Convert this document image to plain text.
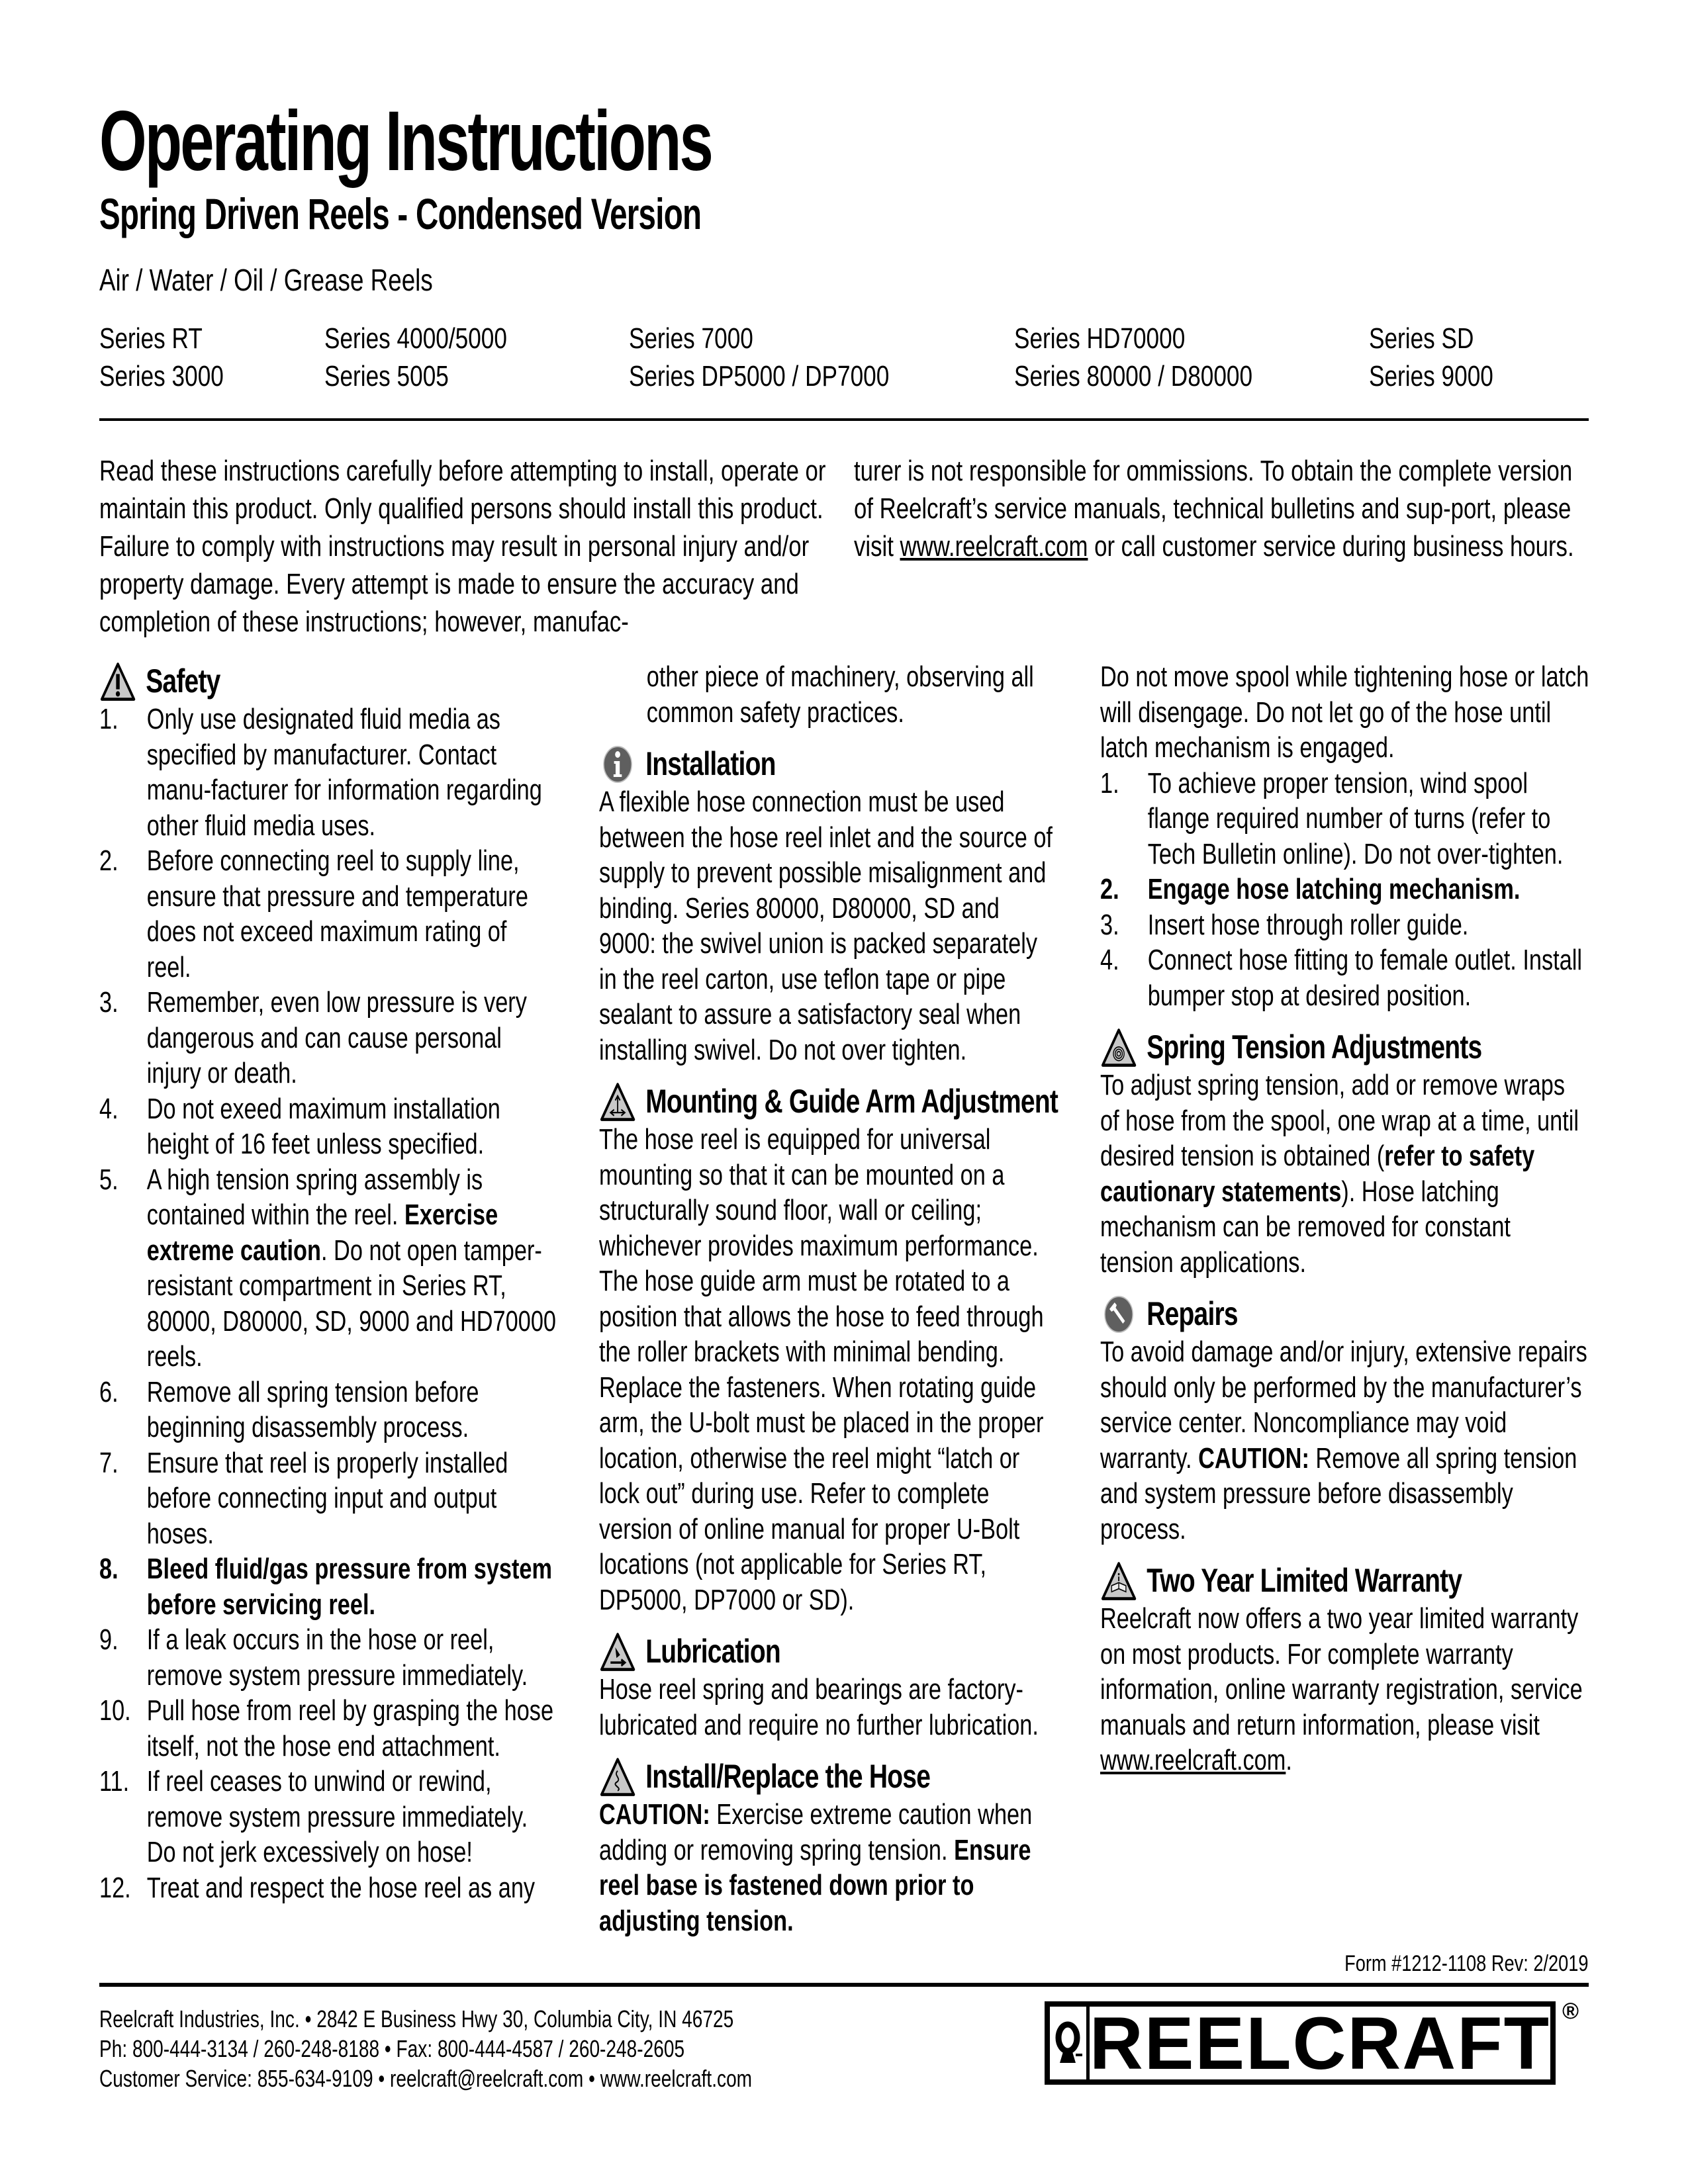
Operating Instructions
Spring Driven Reels - Condensed Version
Air / Water / Oil / Grease Reels
Series RT
Series 3000
Series 4000/5000
Series 5005
Series 7000
Series DP5000 / DP7000
Series HD70000
Series 80000 / D80000
Series SD
Series 9000
Read these instructions carefully before attempting to install, operate or maintain this product. Only qualified persons should install this product. Failure to comply with instructions may result in personal injury and/or property damage. Every attempt is made to ensure the accuracy and completion of these instructions; however, manufac-
turer is not responsible for ommissions. To obtain the complete version of Reelcraft’s service manuals, technical bulletins and sup-port, please visit www.reelcraft.com or call customer service during business hours.
Safety
1. Only use designated fluid media as specified by manufacturer. Contact manu-facturer for information regarding other fluid media uses.
2. Before connecting reel to supply line, ensure that pressure and temperature does not exceed maximum rating of reel.
3. Remember, even low pressure is very dangerous and can cause personal injury or death.
4. Do not exeed maximum installation height of 16 feet unless specified.
5. A high tension spring assembly is contained within the reel. Exercise extreme caution. Do not open tamper-resistant compartment in Series RT, 80000, D80000, SD, 9000 and HD70000 reels.
6. Remove all spring tension before beginning disassembly process.
7. Ensure that reel is properly installed before connecting input and output hoses.
8. Bleed fluid/gas pressure from system before servicing reel.
9. If a leak occurs in the hose or reel, remove system pressure immediately.
10. Pull hose from reel by grasping the hose itself, not the hose end attachment.
11. If reel ceases to unwind or rewind, remove system pressure immediately. Do not jerk excessively on hose!
12. Treat and respect the hose reel as any
other piece of machinery, observing all common safety practices.
Installation
A flexible hose connection must be used between the hose reel inlet and the source of supply to prevent possible misalignment and binding. Series 80000, D80000, SD and 9000: the swivel union is packed separately in the reel carton, use teflon tape or pipe sealant to assure a satisfactory seal when installing swivel. Do not over tighten.
Mounting & Guide Arm Adjustment
The hose reel is equipped for universal mounting so that it can be mounted on a structurally sound floor, wall or ceiling; whichever provides maximum performance. The hose guide arm must be rotated to a position that allows the hose to feed through the roller brackets with minimal bending. Replace the fasteners. When rotating guide arm, the U-bolt must be placed in the proper location, otherwise the reel might “latch or lock out” during use. Refer to complete version of online manual for proper U-Bolt locations (not applicable for Series RT, DP5000, DP7000 or SD).
Lubrication
Hose reel spring and bearings are factory-lubricated and require no further lubrication.
Install/Replace the Hose
CAUTION: Exercise extreme caution when adding or removing spring tension. Ensure reel base is fastened down prior to adjusting tension.
Do not move spool while tightening hose or latch will disengage. Do not let go of the hose until latch mechanism is engaged.
1. To achieve proper tension, wind spool flange required number of turns (refer to Tech Bulletin online). Do not over-tighten.
2. Engage hose latching mechanism.
3. Insert hose through roller guide.
4. Connect hose fitting to female outlet. Install bumper stop at desired position.
Spring Tension Adjustments
To adjust spring tension, add or remove wraps of hose from the spool, one wrap at a time, until desired tension is obtained (refer to safety cautionary statements). Hose latching mechanism can be removed for constant tension applications.
Repairs
To avoid damage and/or injury, extensive repairs should only be performed by the manufacturer’s service center. Noncompliance may void warranty. CAUTION: Remove all spring tension and system pressure before disassembly process.
Two Year Limited Warranty
Reelcraft now offers a two year limited warranty on most products. For complete warranty information, online warranty registration, service manuals and return information, please visit www.reelcraft.com.
Form #1212-1108 Rev: 2/2019
Reelcraft Industries, Inc. • 2842 E Business Hwy 30, Columbia City, IN 46725
Ph: 800-444-3134 / 260-248-8188 • Fax: 800-444-4587 / 260-248-2605
Customer Service: 855-634-9109 • reelcraft@reelcraft.com • www.reelcraft.com	REELCRAFT ®
